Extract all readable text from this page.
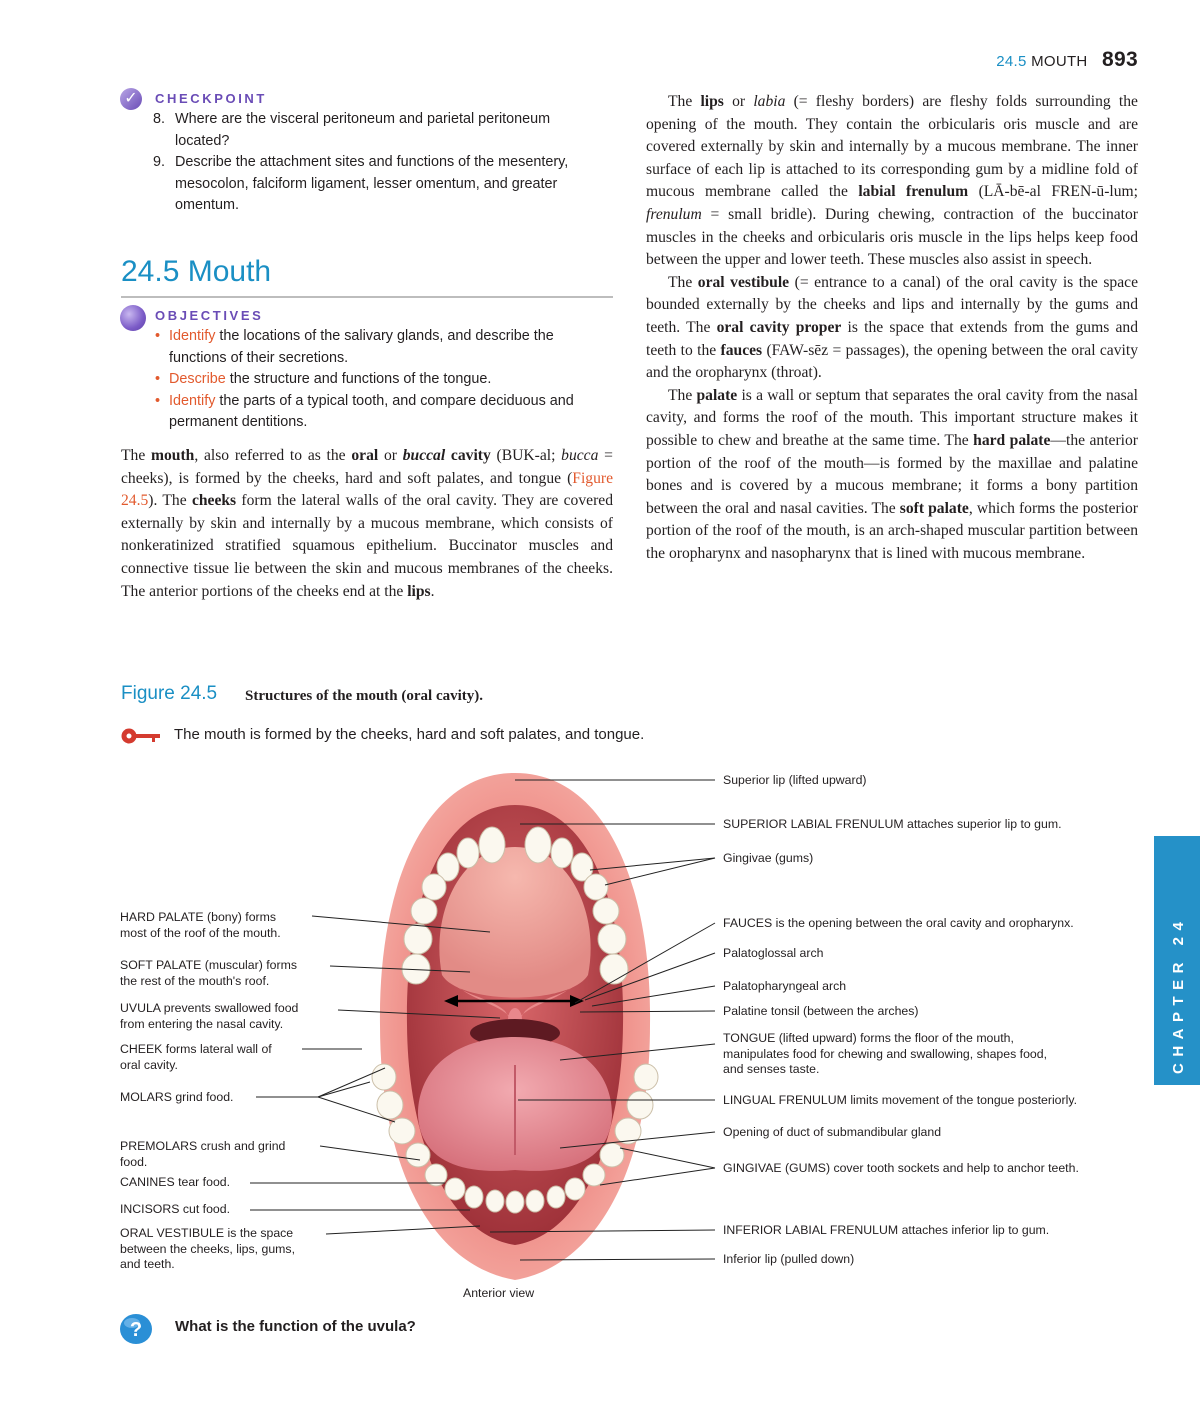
24.5 MOUTH 893
✓	CHECKPOINT
8. Where are the visceral peritoneum and parietal peritoneum located?
9. Describe the attachment sites and functions of the mesentery, mesocolon, falciform ligament, lesser omentum, and greater omentum.
24.5 Mouth
OBJECTIVES
• Identify the locations of the salivary glands, and describe the functions of their secretions.
• Describe the structure and functions of the tongue.
• Identify the parts of a typical tooth, and compare deciduous and permanent dentitions.

The mouth, also referred to as the oral or buccal cavity (BUK-al; bucca = cheeks), is formed by the cheeks, hard and soft palates, and tongue (Figure 24.5). The cheeks form the lateral walls of the oral cavity. They are covered externally by skin and internally by a mucous membrane, which consists of nonkeratinized stratified squamous epithelium. Buccinator muscles and connective tissue lie between the skin and mucous membranes of the cheeks. The anterior portions of the cheeks end at the lips.

The lips or labia (= fleshy borders) are fleshy folds surrounding the opening of the mouth. They contain the orbicularis oris muscle and are covered externally by skin and internally by a mucous membrane. The inner surface of each lip is attached to its corresponding gum by a midline fold of mucous membrane called the labial frenulum (LĀ-bē-al FREN-ū-lum; frenulum = small bridle). During chewing, contraction of the buccinator muscles in the cheeks and orbicularis oris muscle in the lips helps keep food between the upper and lower teeth. These muscles also assist in speech.

The oral vestibule (= entrance to a canal) of the oral cavity is the space bounded externally by the cheeks and lips and internally by the gums and teeth. The oral cavity proper is the space that extends from the gums and teeth to the fauces (FAW-sēz = passages), the opening between the oral cavity and the oropharynx (throat).

The palate is a wall or septum that separates the oral cavity from the nasal cavity, and forms the roof of the mouth. This important structure makes it possible to chew and breathe at the same time. The hard palate—the anterior portion of the roof of the mouth—is formed by the maxillae and palatine bones and is covered by a mucous membrane; it forms a bony partition between the oral and nasal cavities. The soft palate, which forms the posterior portion of the roof of the mouth, is an arch-shaped muscular partition between the oropharynx and nasopharynx that is lined with mucous membrane.

Figure 24.5 Structures of the mouth (oral cavity).
The mouth is formed by the cheeks, hard and soft palates, and tongue.
HARD PALATE (bony) forms
most of the roof of the mouth.
SOFT PALATE (muscular) forms
the rest of the mouth's roof.
UVULA prevents swallowed food
from entering the nasal cavity.
CHEEK forms lateral wall of
oral cavity.
MOLARS grind food.
PREMOLARS crush and grind
food.
CANINES tear food.
INCISORS cut food.
ORAL VESTIBULE is the space
between the cheeks, lips, gums,
and teeth.
Superior lip (lifted upward)
SUPERIOR LABIAL FRENULUM attaches superior lip to gum.
Gingivae (gums)
FAUCES is the opening between the oral cavity and oropharynx.
Palatoglossal arch
Palatopharyngeal arch
Palatine tonsil (between the arches)
TONGUE (lifted upward) forms the floor of the mouth,
manipulates food for chewing and swallowing, shapes food,
and senses taste.
LINGUAL FRENULUM limits movement of the tongue posteriorly.
Opening of duct of submandibular gland
GINGIVAE (GUMS) cover tooth sockets and help to anchor teeth.
INFERIOR LABIAL FRENULUM attaches inferior lip to gum.
Inferior lip (pulled down)
Anterior view
? What is the function of the uvula?
CHAPTER 24
